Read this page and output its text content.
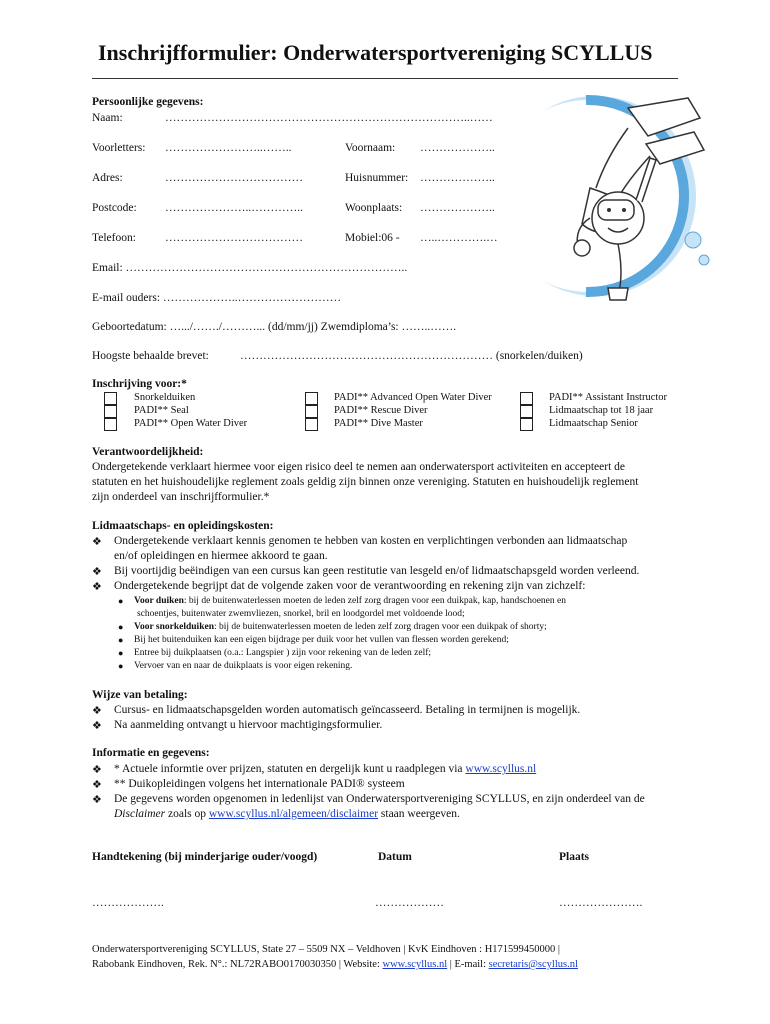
Inschrijfformulier: Onderwatersportvereniging SCYLLUS
Persoonlijke gegevens:
Naam:	……………………………………………………………………..……
Voorletters: ……………………..……..	Voornaam: ………………..
Adres:	………………………………	Huisnummer: ………………..
Postcode: …………………..…………..	Woonplaats: ………………..
Telefoon:	………………………………	Mobiel:06 - …..………….…
Email: ………………………………………………………………..
E-mail ouders: ………………..………………………
Geboortedatum: ….../……./………... (dd/mm/jj) Zwemdiploma’s: ……..…….
Hoogste behaalde brevet:	………………………………………………………… (snorkelen/duiken)
Inschrijving voor:*
Snorkelduiken
PADI** Seal
PADI** Open Water Diver
PADI** Advanced Open Water Diver
PADI** Rescue Diver
PADI** Dive Master
PADI** Assistant Instructor
Lidmaatschap tot 18 jaar
Lidmaatschap Senior
Verantwoordelijkheid:
Ondergetekende verklaart hiermee voor eigen risico deel te nemen aan onderwatersport activiteiten en accepteert de
statuten en het huishoudelijke reglement zoals geldig zijn binnen onze vereniging. Statuten en huishoudelijk reglement
zijn onderdeel van inschrijfformulier.*
Lidmaatschaps- en opleidingskosten:
❖ Ondergetekende verklaart kennis genomen te hebben van kosten en verplichtingen verbonden aan lidmaatschap
en/of opleidingen en hiermee akkoord te gaan.
❖ Bij voortijdig beëindigen van een cursus kan geen restitutie van lesgeld en/of lidmaatschapsgeld worden verleend.
❖ Ondergetekende begrijpt dat de volgende zaken voor de verantwoording en rekening zijn van zichzelf:
● Voor duiken: bij de buitenwaterlessen moeten de leden zelf zorg dragen voor een duikpak, kap, handschoenen en
schoentjes, buitenwater zwemvliezen, snorkel, bril en loodgordel met voldoende lood;
● Voor snorkelduiken: bij de buitenwaterlessen moeten de leden zelf zorg dragen voor een duikpak of shorty;
● Bij het buitenduiken kan een eigen bijdrage per duik voor het vullen van flessen worden gerekend;
● Entree bij duikplaatsen (o.a.: Langspier ) zijn voor rekening van de leden zelf;
● Vervoer van en naar de duikplaats is voor eigen rekening.
Wijze van betaling:
❖ Cursus- en lidmaatschapsgelden worden automatisch geïncasseerd. Betaling in termijnen is mogelijk.
❖ Na aanmelding ontvangt u hiervoor machtigingsformulier.
Informatie en gegevens:
❖ * Actuele informtie over prijzen, statuten en dergelijk kunt u raadplegen via www.scyllus.nl
❖ ** Duikopleidingen volgens het internationale PADI® systeem
❖ De gegevens worden opgenomen in ledenlijst van Onderwatersportvereniging SCYLLUS, en zijn onderdeel van de
Disclaimer zoals op www.scyllus.nl/algemeen/disclaimer staan weergeven.
Handtekening (bij minderjarige ouder/voogd)	Datum	Plaats
……………….	………………	………………….
Onderwatersportvereniging SCYLLUS, State 27 – 5509 NX – Veldhoven | KvK Eindhoven : H171599450000 |
Rabobank Eindhoven, Rek. N°.: NL72RABO0170030350 | Website: www.scyllus.nl | E-mail: secretaris@scyllus.nl
